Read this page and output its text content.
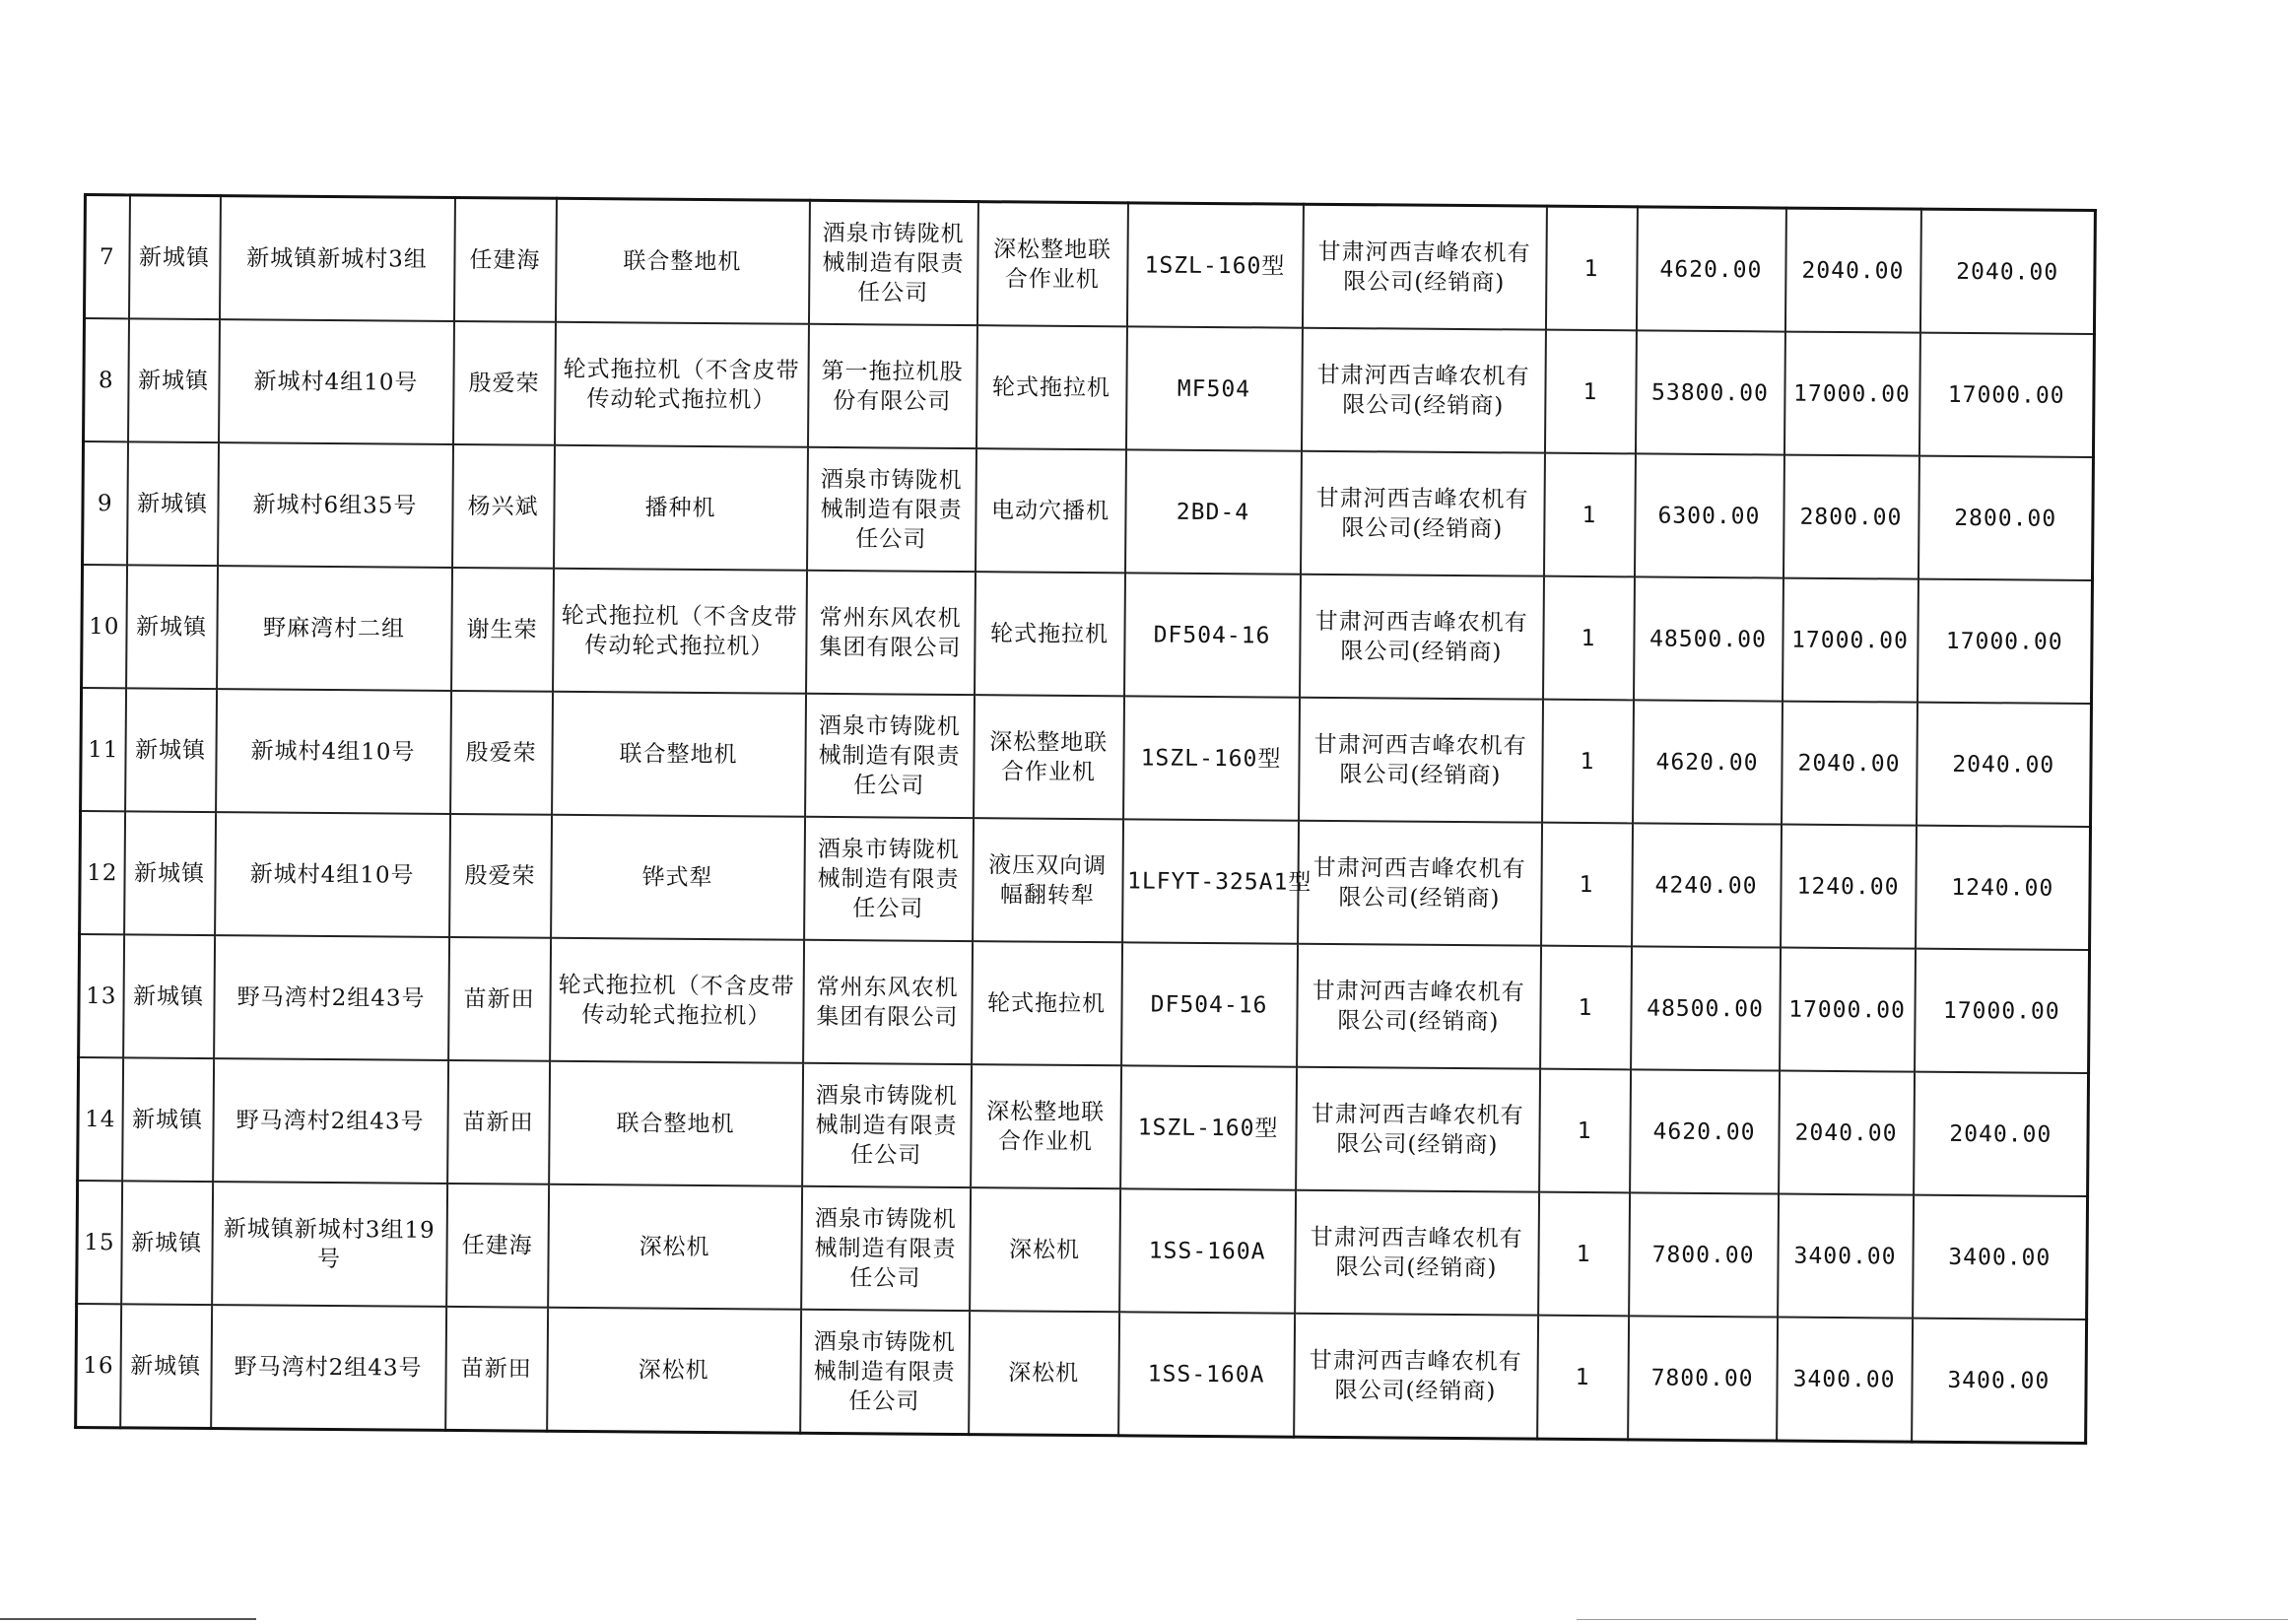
7	新城镇	新城镇新城村3组	任建海	联合整地机	酒泉市铸陇机械制造有限责任公司	深松整地联合作业机	1SZL-160型	甘肃河西吉峰农机有限公司(经销商)	1	4620.00	2040.00	2040.00
8	新城镇	新城村4组10号	殷爱荣	轮式拖拉机（不含皮带传动轮式拖拉机）	第一拖拉机股份有限公司	轮式拖拉机	MF504	甘肃河西吉峰农机有限公司(经销商)	1	53800.00	17000.00	17000.00
9	新城镇	新城村6组35号	杨兴斌	播种机	酒泉市铸陇机械制造有限责任公司	电动穴播机	2BD-4	甘肃河西吉峰农机有限公司(经销商)	1	6300.00	2800.00	2800.00
10	新城镇	野麻湾村二组	谢生荣	轮式拖拉机（不含皮带传动轮式拖拉机）	常州东风农机集团有限公司	轮式拖拉机	DF504-16	甘肃河西吉峰农机有限公司(经销商)	1	48500.00	17000.00	17000.00
11	新城镇	新城村4组10号	殷爱荣	联合整地机	酒泉市铸陇机械制造有限责任公司	深松整地联合作业机	1SZL-160型	甘肃河西吉峰农机有限公司(经销商)	1	4620.00	2040.00	2040.00
12	新城镇	新城村4组10号	殷爱荣	铧式犁	酒泉市铸陇机械制造有限责任公司	液压双向调幅翻转犁	1LFYT-325A1型	甘肃河西吉峰农机有限公司(经销商)	1	4240.00	1240.00	1240.00
13	新城镇	野马湾村2组43号	苗新田	轮式拖拉机（不含皮带传动轮式拖拉机）	常州东风农机集团有限公司	轮式拖拉机	DF504-16	甘肃河西吉峰农机有限公司(经销商)	1	48500.00	17000.00	17000.00
14	新城镇	野马湾村2组43号	苗新田	联合整地机	酒泉市铸陇机械制造有限责任公司	深松整地联合作业机	1SZL-160型	甘肃河西吉峰农机有限公司(经销商)	1	4620.00	2040.00	2040.00
15	新城镇	新城镇新城村3组19号	任建海	深松机	酒泉市铸陇机械制造有限责任公司	深松机	1SS-160A	甘肃河西吉峰农机有限公司(经销商)	1	7800.00	3400.00	3400.00
16	新城镇	野马湾村2组43号	苗新田	深松机	酒泉市铸陇机械制造有限责任公司	深松机	1SS-160A	甘肃河西吉峰农机有限公司(经销商)	1	7800.00	3400.00	3400.00
